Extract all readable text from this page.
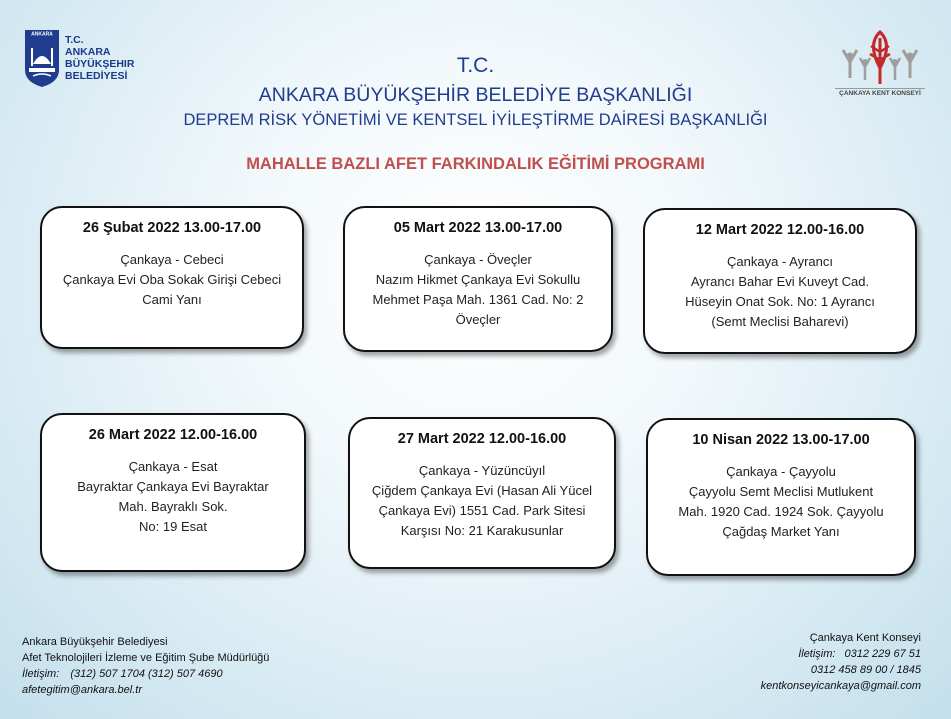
ANKARA T.C.
ANKARA
BÜYÜKŞEHIR
BELEDİYESİ
ÇANKAYA KENT KONSEYİ
T.C.
ANKARA BÜYÜKŞEHİR BELEDİYE BAŞKANLIĞI
DEPREM RİSK YÖNETİMİ VE KENTSEL İYİLEŞTİRME DAİRESİ BAŞKANLIĞI
MAHALLE BAZLI AFET FARKINDALIK EĞİTİMİ PROGRAMI
26 Şubat 2022 13.00-17.00
Çankaya - Cebeci
Çankaya Evi Oba Sokak Girişi Cebeci
Cami Yanı
05 Mart 2022 13.00-17.00
Çankaya - Öveçler
Nazım Hikmet Çankaya Evi Sokullu
Mehmet Paşa Mah. 1361 Cad. No: 2
Öveçler
12 Mart 2022 12.00-16.00
Çankaya - Ayrancı
Ayrancı Bahar Evi Kuveyt Cad.
Hüseyin Onat Sok. No: 1 Ayrancı
(Semt Meclisi Baharevi)
26 Mart 2022 12.00-16.00
Çankaya - Esat
Bayraktar Çankaya Evi Bayraktar
Mah. Bayraklı Sok.
No: 19 Esat
27 Mart 2022 12.00-16.00
Çankaya - Yüzüncüyıl
Çiğdem Çankaya Evi (Hasan Ali Yücel
Çankaya Evi) 1551 Cad. Park Sitesi
Karşısı No: 21 Karakusunlar
10 Nisan 2022 13.00-17.00
Çankaya - Çayyolu
Çayyolu Semt Meclisi Mutlukent
Mah. 1920 Cad. 1924 Sok. Çayyolu
Çağdaş Market Yanı
Ankara Büyükşehir Belediyesi
Afet Teknolojileri İzleme ve Eğitim Şube Müdürlüğü
İletişim: (312) 507 1704 (312) 507 4690
afetegitim@ankara.bel.tr
Çankaya Kent Konseyi
İletişim: 0312 229 67 51
0312 458 89 00 / 1845
kentkonseyicankaya@gmail.com
